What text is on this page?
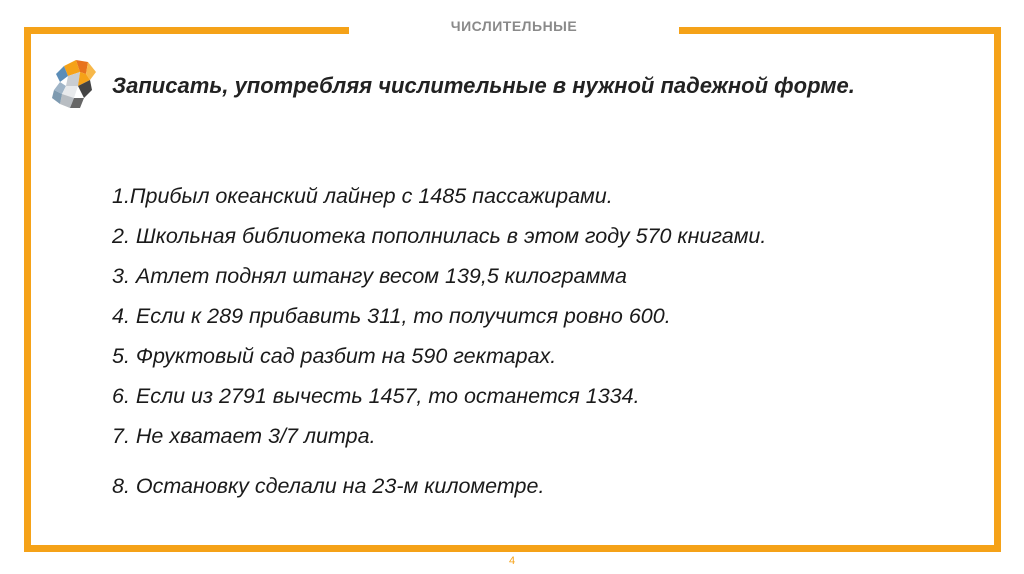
ЧИСЛИТЕЛЬНЫЕ
Записать, употребляя числительные в нужной падежной форме.
1.Прибыл океанский лайнер с 1485 пассажирами.
2. Школьная библиотека пополнилась в этом году 570 книгами.
3. Атлет поднял штангу весом 139,5 килограмма
4. Если к 289 прибавить 311, то получится ровно 600.
5. Фруктовый сад разбит на 590 гектарах.
6. Если из 2791 вычесть 1457, то останется 1334.
7. Не хватает 3/7 литра.
8. Остановку сделали на 23-м километре.
4
